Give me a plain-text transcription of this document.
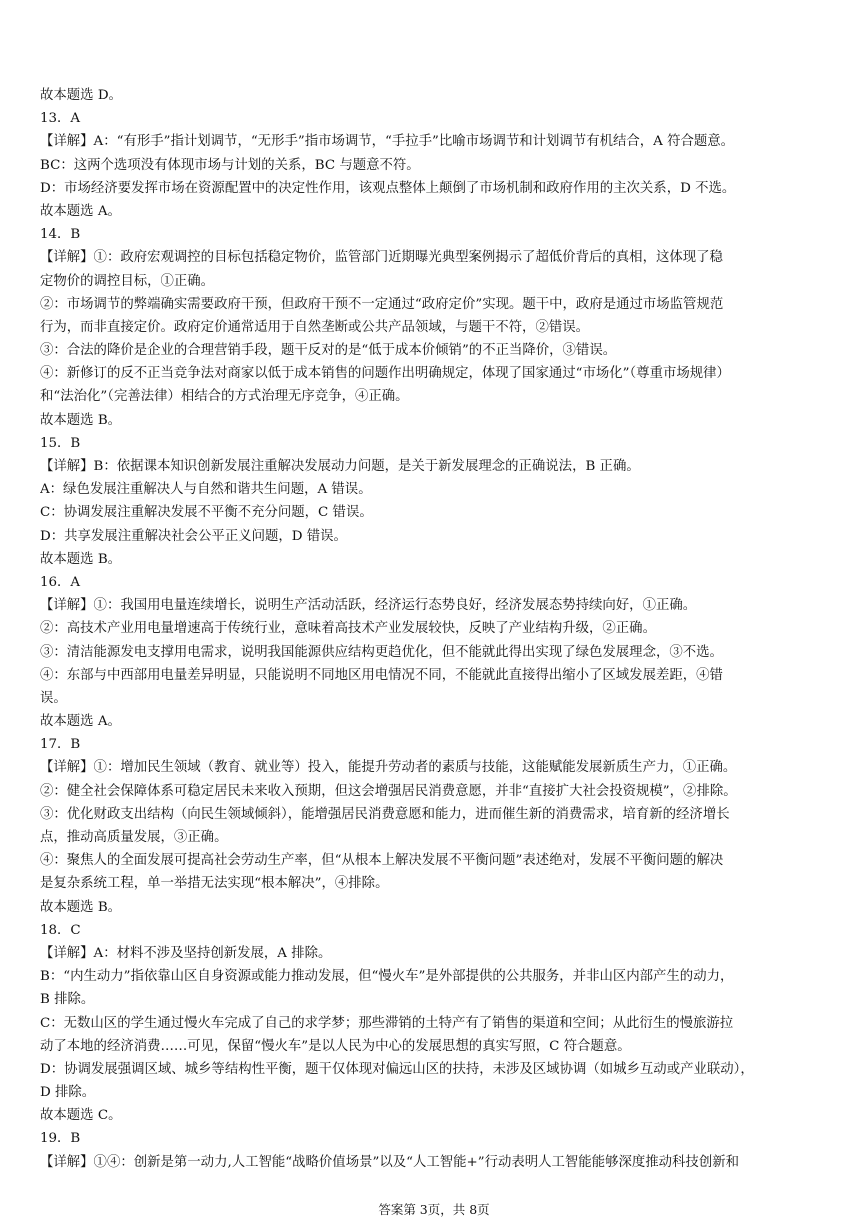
故本题选 D。
13．A
【详解】A：“有形手”指计划调节，“无形手”指市场调节，“手拉手”比喻市场调节和计划调节有机结合，A 符合题意。
BC：这两个选项没有体现市场与计划的关系，BC 与题意不符。
D：市场经济要发挥市场在资源配置中的决定性作用，该观点整体上颠倒了市场机制和政府作用的主次关系，D 不选。
故本题选 A。
14．B
【详解】①：政府宏观调控的目标包括稳定物价，监管部门近期曝光典型案例揭示了超低价背后的真相，这体现了稳
定物价的调控目标，①正确。
②：市场调节的弊端确实需要政府干预，但政府干预不一定通过“政府定价”实现。题干中，政府是通过市场监管规范
行为，而非直接定价。政府定价通常适用于自然垄断或公共产品领域，与题干不符，②错误。
③：合法的降价是企业的合理营销手段，题干反对的是“低于成本价倾销”的不正当降价，③错误。
④：新修订的反不正当竞争法对商家以低于成本销售的问题作出明确规定，体现了国家通过“市场化”（尊重市场规律）
和“法治化”（完善法律）相结合的方式治理无序竞争，④正确。
故本题选 B。
15．B
【详解】B：依据课本知识创新发展注重解决发展动力问题，是关于新发展理念的正确说法，B 正确。
A：绿色发展注重解决人与自然和谐共生问题，A 错误。
C：协调发展注重解决发展不平衡不充分问题，C 错误。
D：共享发展注重解决社会公平正义问题，D 错误。
故本题选 B。
16．A
【详解】①：我国用电量连续增长，说明生产活动活跃，经济运行态势良好，经济发展态势持续向好，①正确。
②：高技术产业用电量增速高于传统行业，意味着高技术产业发展较快，反映了产业结构升级，②正确。
③：清洁能源发电支撑用电需求，说明我国能源供应结构更趋优化，但不能就此得出实现了绿色发展理念，③不选。
④：东部与中西部用电量差异明显，只能说明不同地区用电情况不同，不能就此直接得出缩小了区域发展差距，④错
误。
故本题选 A。
17．B
【详解】①：增加民生领域（教育、就业等）投入，能提升劳动者的素质与技能，这能赋能发展新质生产力，①正确。
②：健全社会保障体系可稳定居民未来收入预期，但这会增强居民消费意愿，并非“直接扩大社会投资规模”，②排除。
③：优化财政支出结构（向民生领域倾斜），能增强居民消费意愿和能力，进而催生新的消费需求，培育新的经济增长
点，推动高质量发展，③正确。
④：聚焦人的全面发展可提高社会劳动生产率，但“从根本上解决发展不平衡问题”表述绝对，发展不平衡问题的解决
是复杂系统工程，单一举措无法实现“根本解决”，④排除。
故本题选 B。
18．C
【详解】A：材料不涉及坚持创新发展，A 排除。
B：“内生动力”指依靠山区自身资源或能力推动发展，但“慢火车”是外部提供的公共服务，并非山区内部产生的动力，
B 排除。
C：无数山区的学生通过慢火车完成了自己的求学梦；那些滞销的土特产有了销售的渠道和空间；从此衍生的慢旅游拉
动了本地的经济消费……可见，保留“慢火车”是以人民为中心的发展思想的真实写照，C 符合题意。
D：协调发展强调区域、城乡等结构性平衡，题干仅体现对偏远山区的扶持，未涉及区域协调（如城乡互动或产业联动），
D 排除。
故本题选 C。
19．B
【详解】①④：创新是第一动力,人工智能“战略价值场景”以及“人工智能+”行动表明人工智能能够深度推动科技创新和
答案第 3页，共 8页
